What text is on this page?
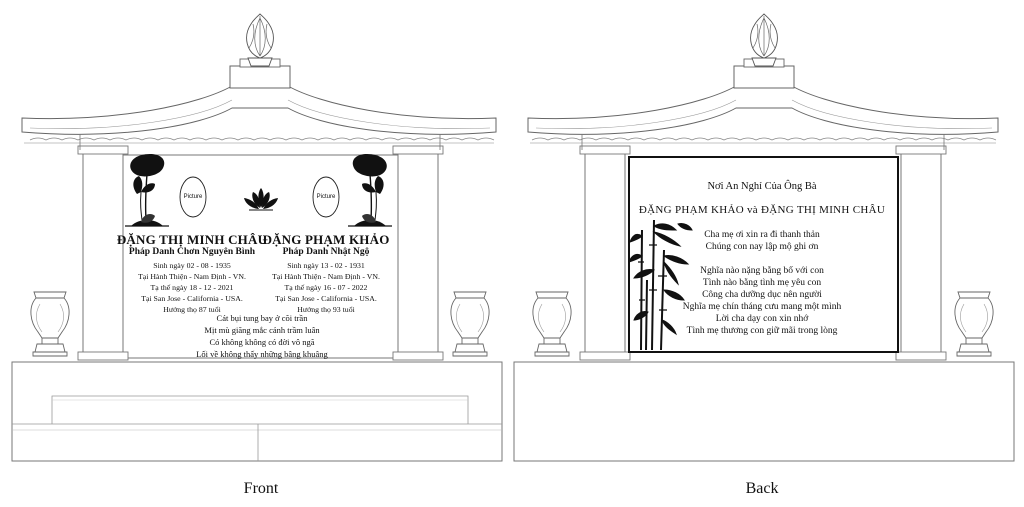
Picture	Picture
ĐẶNG THỊ MINH CHÂU
Pháp Danh Chơn Nguyên Bình
Sinh ngày 02 - 08 - 1935
Tại Hành Thiện - Nam Định - VN.
Tạ thế ngày 18 - 12 - 2021
Tại San Jose - California - USA.
Hưởng thọ 87 tuổi
ĐẶNG PHẠM KHẢO
Pháp Danh Nhật Ngộ
Sinh ngày 13 - 02 - 1931
Tại Hành Thiện - Nam Định - VN.
Tạ thế ngày 16 - 07 - 2022
Tại San Jose - California - USA.
Hưởng thọ 93 tuổi
Cát bụi tung bay ở cõi trần
Mịt mù giăng mắc cảnh trầm luân
Có không không có đời vô ngã
Lối về không thấy những bâng khuâng
Nơi An Nghỉ Của Ông Bà
ĐẶNG PHẠM KHẢO và ĐẶNG THỊ MINH CHÂU
Cha mẹ ơi xin ra đi thanh thản
Chúng con nay lập mộ ghi ơn
Nghĩa nào nặng bằng bố với con
Tình nào bằng tình mẹ yêu con
Công cha dưỡng dục nên người
Nghĩa mẹ chín tháng cưu mang một mình
Lời cha dạy con xin nhớ
Tình mẹ thương con giữ mãi trong lòng
Front	Back
